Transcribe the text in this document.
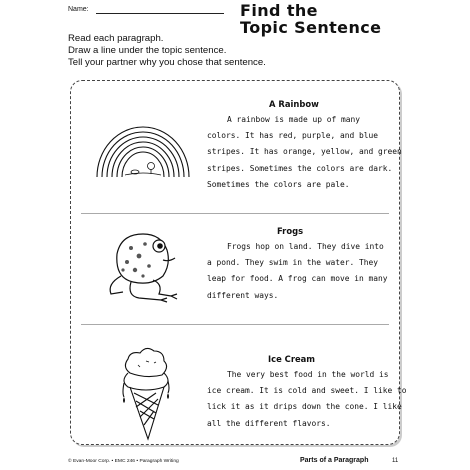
Name:	Find the
Topic Sentence
Read each paragraph.
Draw a line under the topic sentence.
Tell your partner why you chose that sentence.
A Rainbow
A rainbow is made up of many
colors. It has red, purple, and blue
stripes. It has orange, yellow, and green
stripes. Sometimes the colors are dark.
Sometimes the colors are pale.
Frogs
Frogs hop on land. They dive into
a pond. They swim in the water. They
leap for food. A frog can move in many
different ways.
Ice Cream
The very best food in the world is
ice cream. It is cold and sweet. I like to
lick it as it drips down the cone. I like
all the different flavors.
© Evan-Moor Corp. • EMC 246 • Paragraph Writing	Parts of a Paragraph	11
